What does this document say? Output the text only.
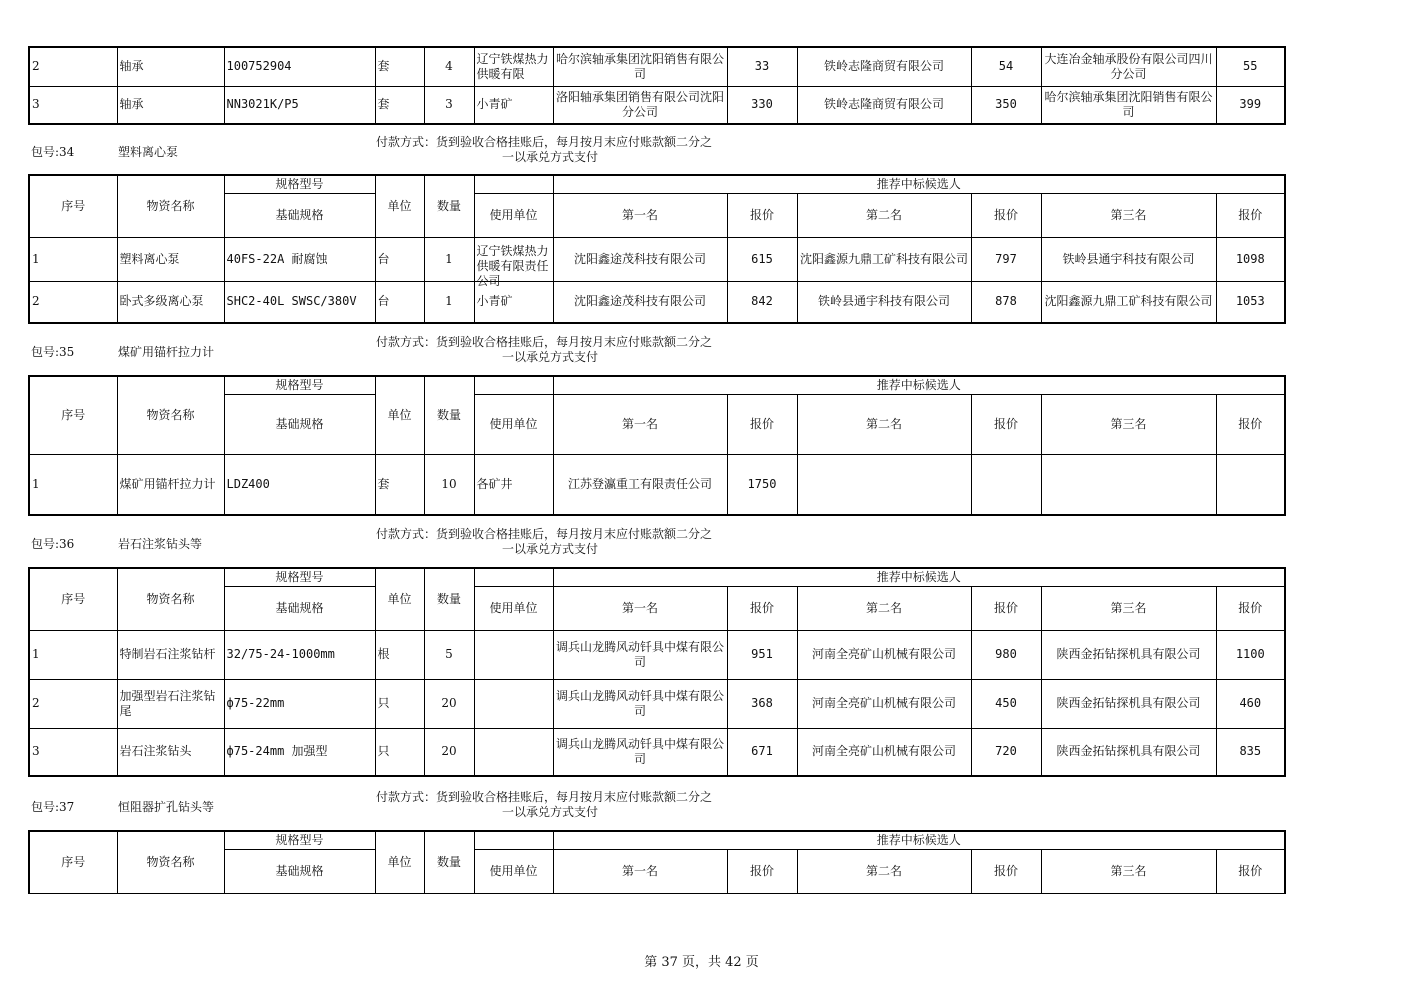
2	轴承	100752904	套	4	辽宁铁煤热力供暖有限	哈尔滨轴承集团沈阳销售有限公司	33	铁岭志隆商贸有限公司	54	大连冶金轴承股份有限公司四川分公司	55
3	轴承	NN3021K/P5	套	3	小青矿	洛阳轴承集团销售有限公司沈阳分公司	330	铁岭志隆商贸有限公司	350	哈尔滨轴承集团沈阳销售有限公司	399
包号:34	塑料离心泵
付款方式：货到验收合格挂账后，每月按月末应付账款额二分之
一以承兑方式支付
序号	物资名称	规格型号	单位	数量		推荐中标候选人					
		基础规格			使用单位	第一名	报价	第二名	报价	第三名	报价
1	塑料离心泵	40FS-22A 耐腐蚀	台	1	辽宁铁煤热力供暖有限责任公司	沈阳鑫途茂科技有限公司	615	沈阳鑫源九鼎工矿科技有限公司	797	铁岭县通宇科技有限公司	1098
2	卧式多级离心泵	SHC2-40L SWSC/380V	台	1	小青矿	沈阳鑫途茂科技有限公司	842	铁岭县通宇科技有限公司	878	沈阳鑫源九鼎工矿科技有限公司	1053
包号:35	煤矿用锚杆拉力计
付款方式：货到验收合格挂账后，每月按月末应付账款额二分之
一以承兑方式支付
序号	物资名称	规格型号	单位	数量		推荐中标候选人					
		基础规格			使用单位	第一名	报价	第二名	报价	第三名	报价
1	煤矿用锚杆拉力计	LDZ400	套	10	各矿井	江苏登瀛重工有限责任公司	1750				
包号:36	岩石注浆钻头等
付款方式：货到验收合格挂账后，每月按月末应付账款额二分之
一以承兑方式支付
序号	物资名称	规格型号	单位	数量		推荐中标候选人					
		基础规格			使用单位	第一名	报价	第二名	报价	第三名	报价
1	特制岩石注浆钻杆	32/75-24-1000mm	根	5		调兵山龙腾风动钎具中煤有限公司	951	河南全亮矿山机械有限公司	980	陕西金拓钻探机具有限公司	1100
2	加强型岩石注浆钻尾	ф75-22mm	只	20		调兵山龙腾风动钎具中煤有限公司	368	河南全亮矿山机械有限公司	450	陕西金拓钻探机具有限公司	460
3	岩石注浆钻头	ф75-24mm 加强型	只	20		调兵山龙腾风动钎具中煤有限公司	671	河南全亮矿山机械有限公司	720	陕西金拓钻探机具有限公司	835
包号:37	恒阻器扩孔钻头等
付款方式：货到验收合格挂账后，每月按月末应付账款额二分之
一以承兑方式支付
序号	物资名称	规格型号	单位	数量		推荐中标候选人					
		基础规格			使用单位	第一名	报价	第二名	报价	第三名	报价
第 37 页，共 42 页
